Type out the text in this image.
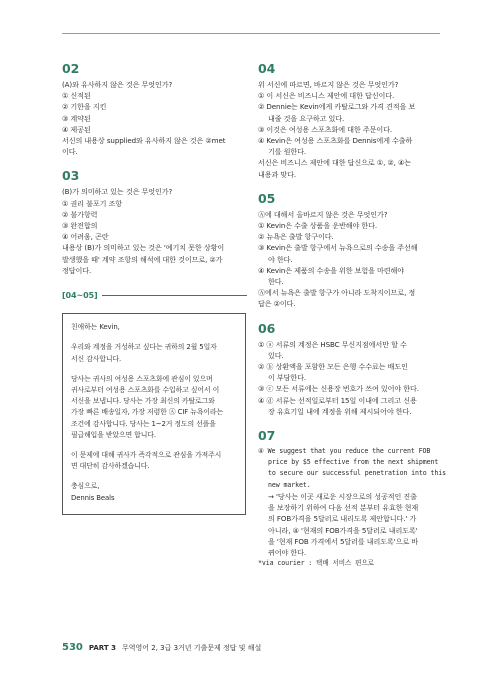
02
(A)와 유사하지 않은 것은 무엇인가?
① 신적된
② 기한을 지킨
③ 계약된
④ 제공된
서신의 내용상 supplied와 유사하지 않은 것은 ②met
이다.
03
(B)가 의미하고 있는 것은 무엇인가?
① 권리 불포기 조항
② 불가항력
③ 완전합의
④ 어려움, 곤란
내용상 (B)가 의미하고 있는 것은 '예기치 못한 상황이
발생했을 때' 계약 조항의 해석에 대한 것이므로, ②가
정답이다.
[04~05]

친애하는 Kevin,

우리와 계정을 거성하고 싶다는 귀하의 2월 5일자

서신 감사합니다.

당사는 귀사의 여성용 스포츠화에 관심이 있으며

귀사로부터 여성용 스포츠화를 수입하고 싶어서 이

서신을 보냅니다. 당사는 가장 최신의 카탈로그와

가장 빠른 배송일자, 가장 저렴한 Ⓐ CIF 뉴욕이라는

조건에 감사합니다. 당사는 1~2거 정도의 선플을

필급해입을 받았으면 합니다.

이 문제에 대해 귀사가 즉각적으로 관심을 가져주시

면 대단히 감사하겠습니다.

충심으로,

Dennis Beals

04
위 서신에 따르면, 바르지 않은 것은 무엇인가?
① 이 서신은 비즈니스 제안에 대한 답신이다.
② Dennie는 Kevin에게 카탈로그와 가격 견적을 보
내줄 것을 요구하고 있다.
③ 이것은 여성용 스포츠화에 대한 주문이다.
④ Kevin은 여성용 스포츠화를 Dennis에게 수출하
기를 원한다.
서신은 비즈니스 제안에 대한 답신으로 ①, ②, ④는
내용과 맞다.
05
Ⓐ에 대해서 올바르지 않은 것은 무엇인가?
① Kevin은 수출 상품을 운반해야 한다.
② 뉴욕은 출발 항구이다.
③ Kevin은 출발 항구에서 뉴욕으로의 수송을 주선해
야 한다.
④ Kevin은 제품의 수송을 위한 보험을 마련해야
한다.
Ⓐ에서 뉴욕은 출발 항구가 아니라 도착지이므로, 정
답은 ②이다.
06
① ⓐ 서류의 계정은 HSBC 무신지점에서만 할 수
있다.
② ⓑ 상환액을 포함한 모든 은행 수수료는 배도인
이 부담한다.
③ ⓒ 모든 서류에는 신용장 번호가 쓰여 있어야 한다.
④ ⓓ 서류는 선적일로부터 15일 이내에 그리고 신용
장 유효기일 내에 계정을 위해 제시되어야 한다.
07
④ We suggest that you reduce the current FOB
price by $5 effective from the next shipment
to secure our successful penetration into this
new market.
→ '당사는 이곳 새로운 시장으로의 성공적인 진출
을 보장하기 위하여 다음 선적 분부터 유효한 현재
의 FOB가격을 5달러로 내리도록 제안합니다.' 가
아니라, ④ '현재의 FOB가격을 5달러로 내리도록'
을 '현재 FOB 가격에서 5달러를 내리도록'으로 바
뀌어야 한다.
*via courier : 택배 서비스 편으로
530 PART 3 무역영어 2, 3급 3거년 기출문제 정답 및 해설
